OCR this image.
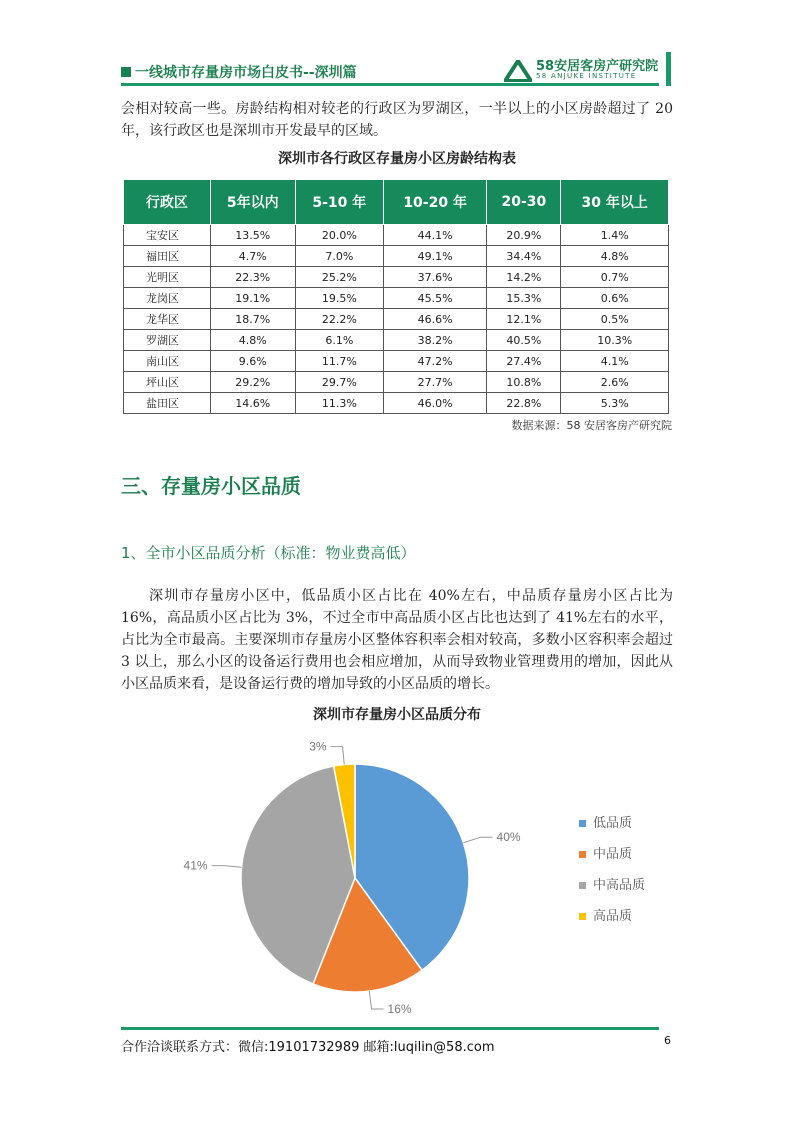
一线城市存量房市场白皮书--深圳篇	58安居客房产研究院
58 ANJUKE INSTITUTE
会相对较高一些。房龄结构相对较老的行政区为罗湖区，一半以上的小区房龄超过了 20 年，该行政区也是深圳市开发最早的区域。
深圳市各行政区存量房小区房龄结构表
行政区	5年以内	5-10 年	10-20 年	20-30	30 年以上
宝安区	13.5%	20.0%	44.1%	20.9%	1.4%
福田区	4.7%	7.0%	49.1%	34.4%	4.8%
光明区	22.3%	25.2%	37.6%	14.2%	0.7%
龙岗区	19.1%	19.5%	45.5%	15.3%	0.6%
龙华区	18.7%	22.2%	46.6%	12.1%	0.5%
罗湖区	4.8%	6.1%	38.2%	40.5%	10.3%
南山区	9.6%	11.7%	47.2%	27.4%	4.1%
坪山区	29.2%	29.7%	27.7%	10.8%	2.6%
盐田区	14.6%	11.3%	46.0%	22.8%	5.3%
数据来源：58 安居客房产研究院
三、存量房小区品质
1、全市小区品质分析（标准：物业费高低）
深圳市存量房小区中，低品质小区占比在 40%左右，中品质存量房小区占比为 16%，高品质小区占比为 3%，不过全市中高品质小区占比也达到了 41%左右的水平，占比为全市最高。主要深圳市存量房小区整体容积率会相对较高，多数小区容积率会超过 3 以上，那么小区的设备运行费用也会相应增加，从而导致物业管理费用的增加，因此从小区品质来看，是设备运行费的增加导致的小区品质的增长。
深圳市存量房小区品质分布
40%
16%
41%
3%
低品质
中品质
中高品质
高品质
合作洽谈联系方式：微信:19101732989 邮箱:luqilin@58.com	6
